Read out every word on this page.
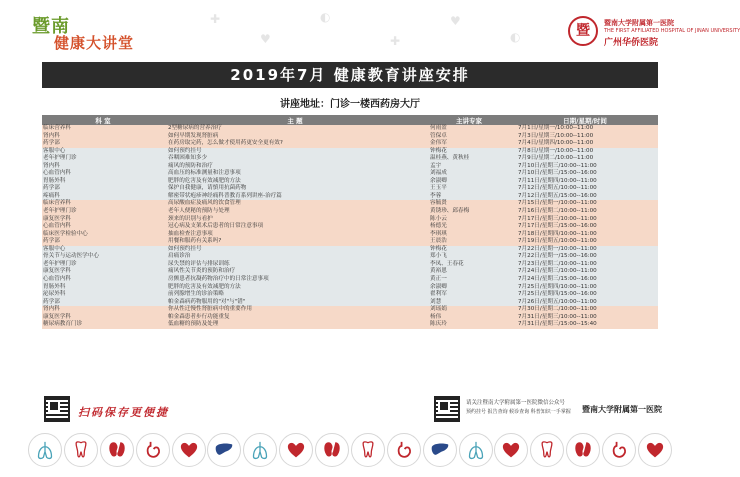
暨南
健康大讲堂
✚
♥
◐
✚
♥
◐	暨	暨南大学附属第一医院
THE FIRST AFFILIATED HOSPITAL OF JINAN UNIVERSITY
广州华侨医院
2019年7月 健康教育讲座安排
讲座地址：门诊一楼西药房大厅
科 室	主 题	主讲专家	日期/星期/时间
临床营养科	2型糖尿病的营养治疗	何雨盈	7月1日/星期一/10:00--11:00
肾内科	如何早期发现肾脏病	管保卓	7月3日/星期三/10:00--11:00
药学部	在药房取完药，怎么做才使用药更安全更有效?	金伟军	7月4日/星期四/10:00--11:00
客服中心	如何预约挂号	钟梅花	7月8日/星期一/10:00--11:00
老年护理门诊	吞咽困难知多少	温桂燕、黄秋桂	7月9日/星期二/10:00--11:00
肾内科	痛风的预防和治疗	孟宇	7月10日/星期三/10:00--11:00
心血管内科	高血压的标准测量和注意事项	刘福成	7月10日/星期三/15:00--16:00
胃肠外科	肥胖的危害及有效减肥的方法	余淑卿	7月11日/星期四/10:00--11:00
药学部	保护自我健康，请慎用抗菌药物	王玉平	7月12日/星期五/10:00--11:00
疼痛科	解密带状疱疹神经痛科普教育系列讲座-治疗篇	李蓉	7月12日/星期五/15:00--16:00
临床营养科	高尿酸血症及痛风的饮食管理	容毓贤	7月15日/星期一/10:00--11:00
老年护理门诊	老年人便秘的预防与处理	黄锈珍、邱春梅	7月16日/星期二/10:00--11:00
康复医学科	颈来的识别与看护	陈小云	7月17日/星期三/10:00--11:00
心血管内科	冠心病及支架术后患者的日常注意事项	杨德光	7月17日/星期三/15:00--16:00
临床医学检验中心	抽血检查注意事项	李琪琪	7月18日/星期四/10:00--11:00
药学部	用餐和服药有关系吗?	王晨浩	7月19日/星期五/10:00--11:00
客服中心	如何预约挂号	钟梅花	7月22日/星期一/10:00--11:00
骨关节与运动医学中心	肩痛诊治	郑小飞	7月22日/星期一/15:00--16:00
老年护理门诊	尿失禁的评估与排尿训练	李凤、王春花	7月23日/星期二/10:00--11:00
康复医学科	痛风性关节炎的预防和治疗	黄裕恩	7月24日/星期三/10:00--11:00
心血管内科	房颤患者抗凝药物治疗中的日常注意事项	黄正一	7月24日/星期三/15:00--16:00
胃肠外科	肥胖的危害及有效减肥的方法	余淑卿	7月25日/星期四/10:00--11:00
泌尿外科	前列腺增生的诊治策略	翟利军	7月25日/星期四/15:00--16:00
药学部	帕金森病药物服用的"对"与"错"	刘慧	7月26日/星期五/10:00--11:00
肾内科	你从性迁慢性肾脏病中的重要作用	刘瑶娟	7月30日/星期二/10:00--11:00
康复医学科	帕金森患者步行功能重复	杨伟	7月31日/星期三/10:00--11:00
糖尿病教育门诊	低血糖的预防及处理	陈庆玲	7月31日/星期三/15:00--15:40
扫码保存更便捷
请关注暨南大学附属第一医院微信公众号
预约挂号 报告查询 候诊查询 科普知识一手掌握 暨南大学附属第一医院
